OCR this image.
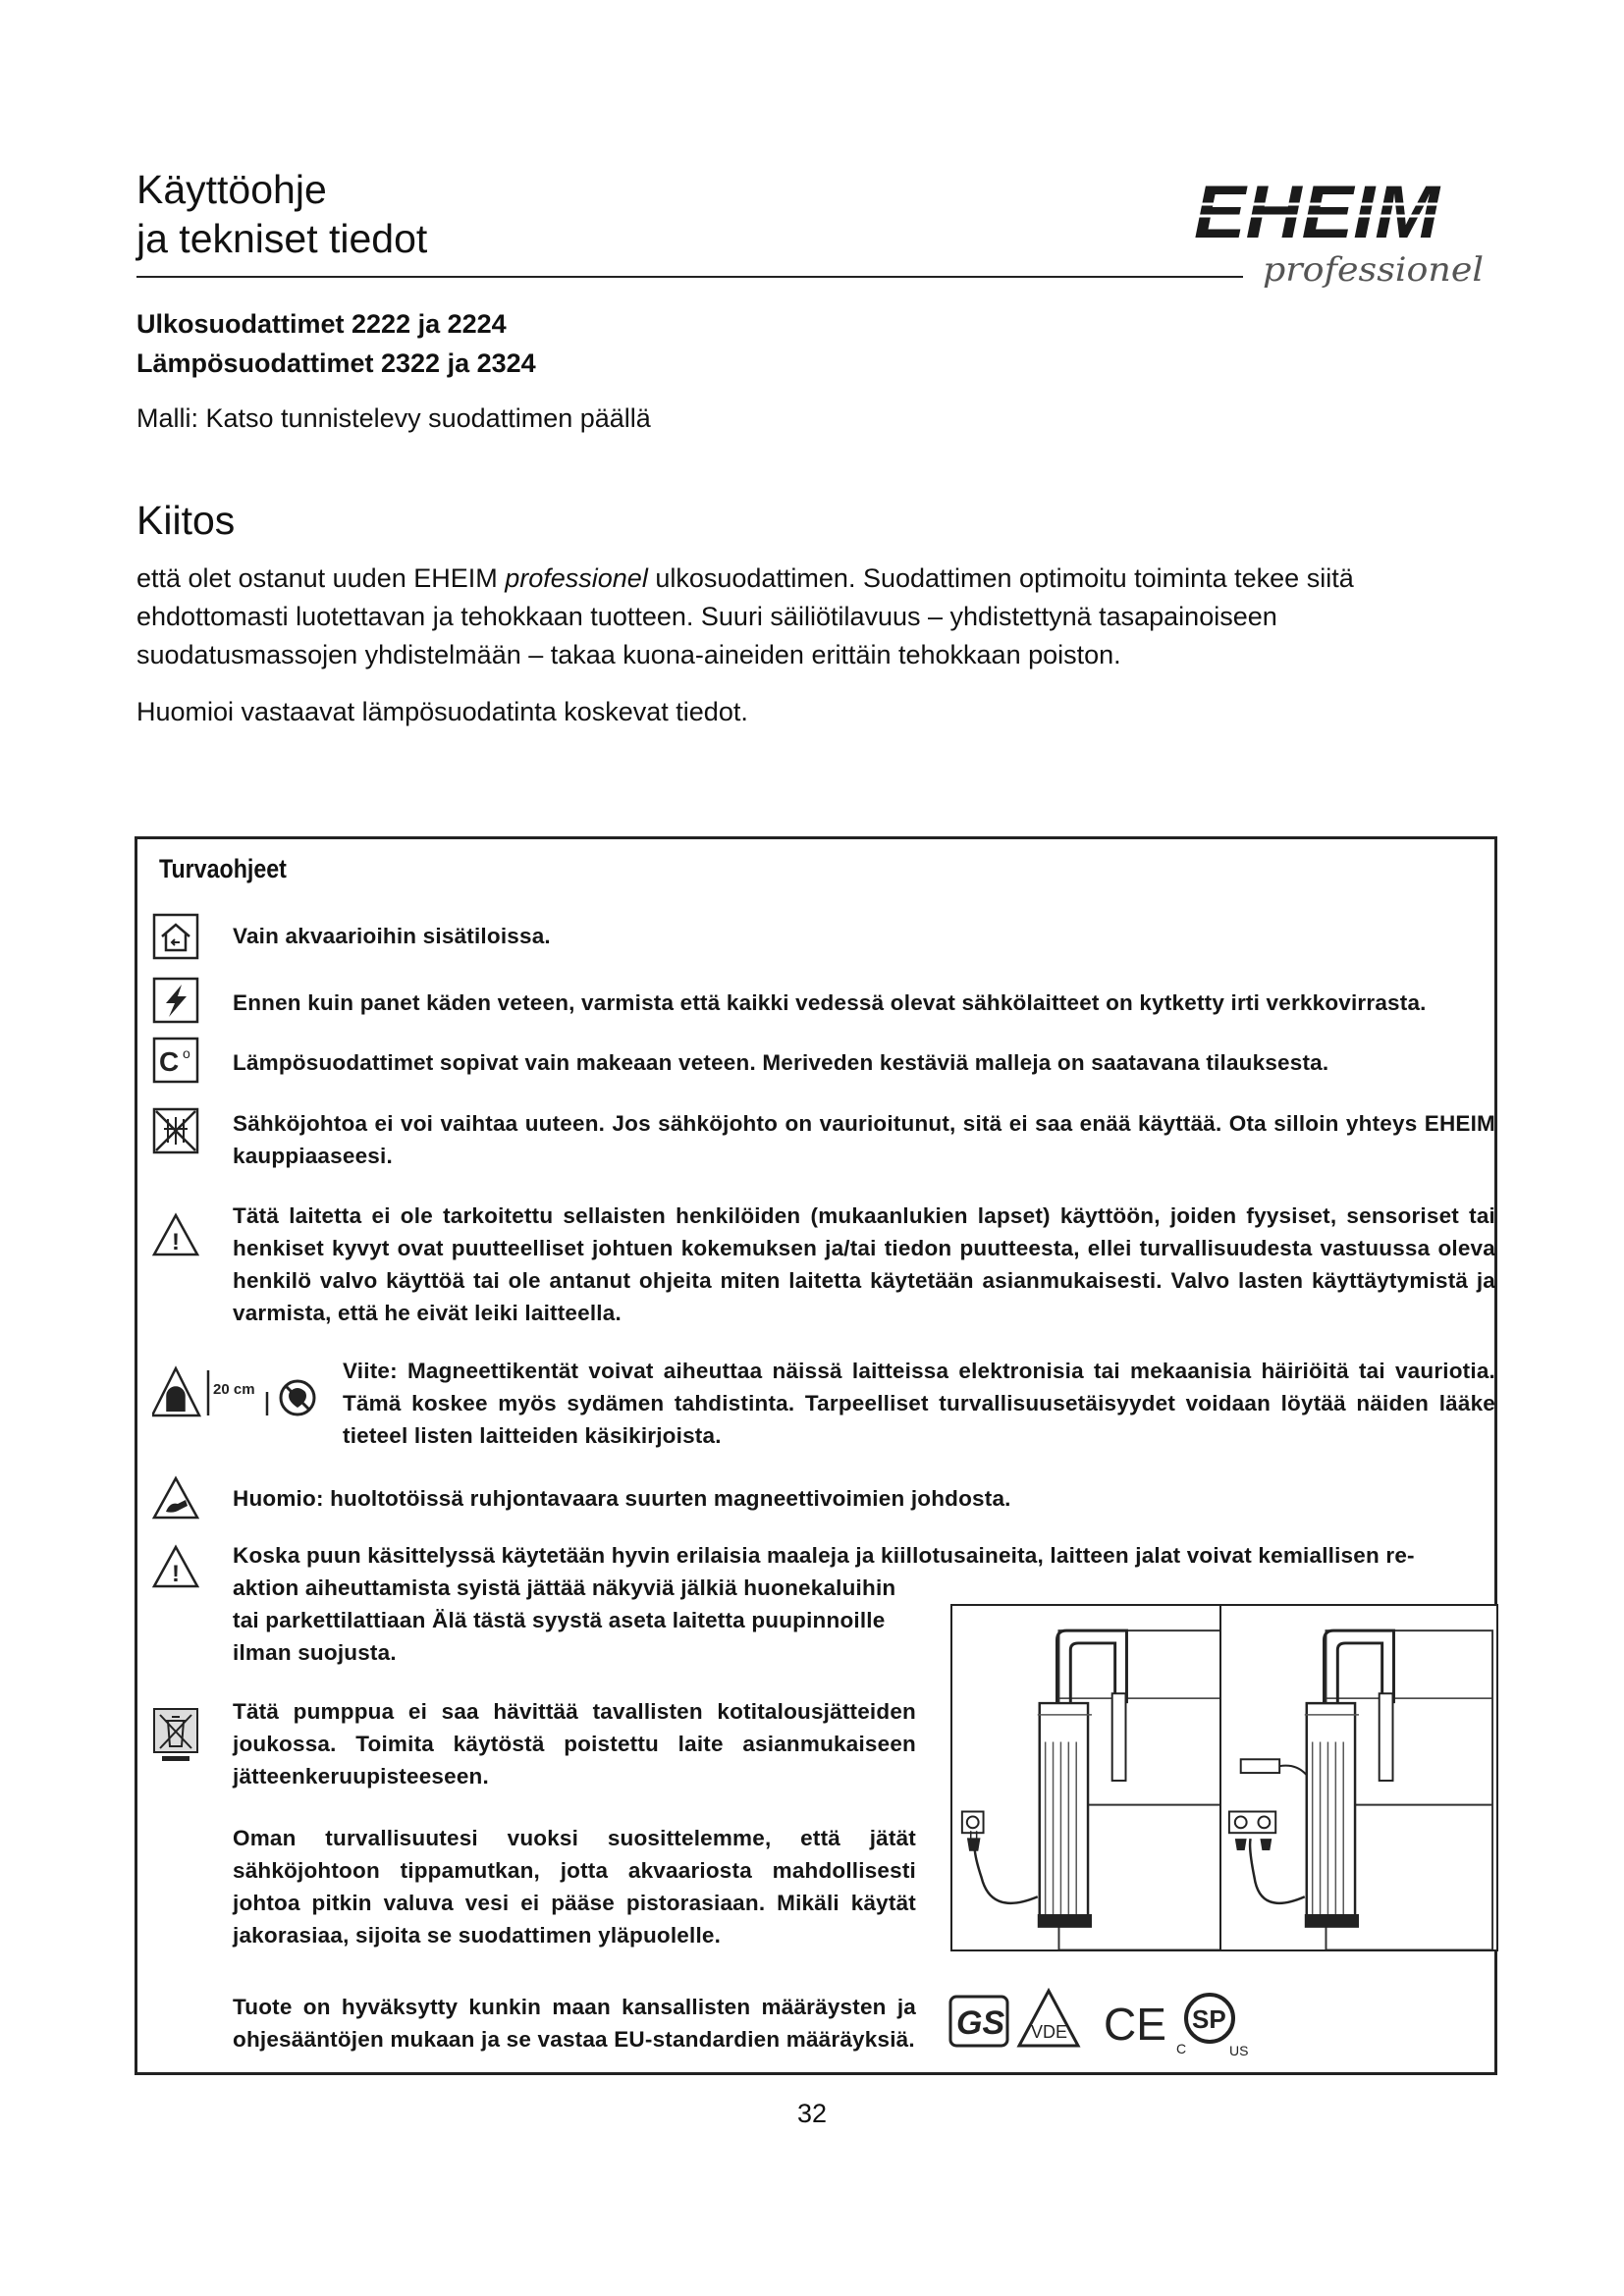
Käyttöohje
ja tekniset tiedot	EHEIM
professionel
Ulkosuodattimet 2222 ja 2224
Lämpösuodattimet 2322 ja 2324
Malli: Katso tunnistelevy suodattimen päällä
Kiitos

että olet ostanut uuden EHEIM professionel ulkosuodattimen. Suodattimen optimoitu toiminta tekee siitä ehdottomasti luotettavan ja tehokkaan tuotteen. Suuri säiliötilavuus – yhdistettynä tasapainoiseen suodatusmassojen yhdistelmään – takaa kuona-aineiden erittäin tehokkaan poiston.

Huomioi vastaavat lämpösuodatinta koskevat tiedot.

Turvaohjeet
Vain akvaarioihin sisätiloissa.
Ennen kuin panet käden veteen, varmista että kaikki vedessä olevat sähkölaitteet on kytketty irti verkkovirrasta.
C o Lämpösuodattimet sopivat vain makeaan veteen. Meriveden kestäviä malleja on saatavana tilauksesta.
Sähköjohtoa ei voi vaihtaa uuteen. Jos sähköjohto on vaurioitunut, sitä ei saa enää käyttää. Ota silloin yhteys EHEIM kauppiaaseesi.
!
Tätä laitetta ei ole tarkoitettu sellaisten henkilöiden (mukaanlukien lapset) käyttöön, joiden fyysiset, sensoriset tai henkiset kyvyt ovat puutteelliset johtuen kokemuksen ja/tai tiedon puutteesta, ellei turvallisuudesta vastuussa oleva henkilö valvo käyttöä tai ole antanut ohjeita miten laitetta käytetään asianmukaisesti. Valvo lasten käyttäytymistä ja varmista, että he eivät leiki laitteella.
20 cm
Viite: Magneettikentät voivat aiheuttaa näissä laitteissa elektronisia tai mekaanisia häiriöitä tai vauriotia. Tämä koskee myös sydämen tahdistinta. Tarpeelliset turvallisuusetäisyydet voidaan löytää näiden lääke tieteel listen laitteiden käsikirjoista.
Huomio: huoltotöissä ruhjontavaara suurten magneettivoimien johdosta.
!
Koska puun käsittelyssä käytetään hyvin erilaisia maaleja ja kiillotusaineita, laitteen jalat voivat kemiallisen re-
aktion aiheuttamista syistä jättää näkyviä jälkiä huonekaluihin tai parkettilattiaan Älä tästä syystä aseta laitetta puupinnoille ilman suojusta.
Tätä pumppua ei saa hävittää tavallisten kotitalousjätteiden joukossa. Toimita käytöstä poistettu laite asianmukaiseen jätteenkeruupisteeseen.
Oman turvallisuutesi vuoksi suosittelemme, että jätät sähköjohtoon tippamutkan, jotta akvaariosta mahdollisesti johtoa pitkin valuva vesi ei pääse pistorasiaan. Mikäli käytät jakorasiaa, sijoita se suodattimen yläpuolelle.
Tuote on hyväksytty kunkin maan kansallisten määräysten ja ohjesääntöjen mukaan ja se vastaa EU-standardien määräyksiä. GS VDE CE SP
C	US
32
